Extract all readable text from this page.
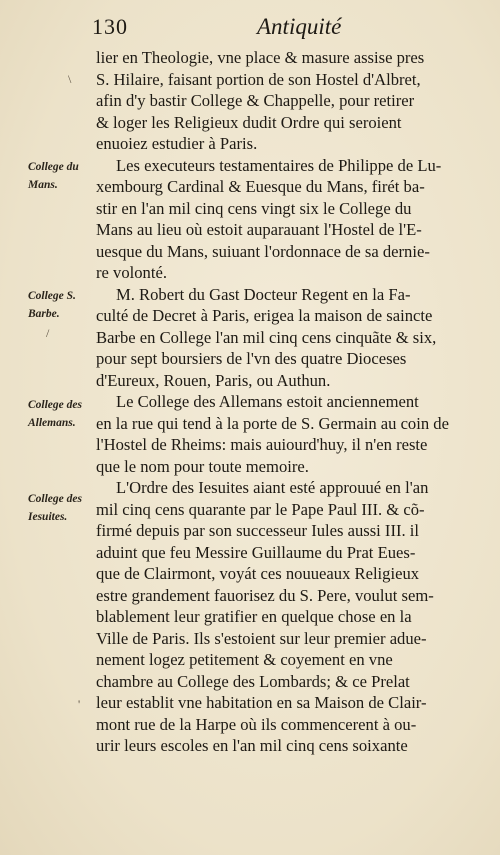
130	Antiquité
College du
Mans.
College S.
Barbe.
College des
Allemans.
College des
Iesuites.
\
/
'
lier en Theologie, vne place & masure assise pres
S. Hilaire, faisant portion de son Hostel d'Albret,
afin d'y bastir College & Chappelle, pour retirer
& loger les Religieux dudit Ordre qui seroient
enuoiez estudier à Paris.
Les executeurs testamentaires de Philippe de Lu-
xembourg Cardinal & Euesque du Mans, firét ba-
stir en l'an mil cinq cens vingt six le College du
Mans au lieu où estoit auparauant l'Hostel de l'E-
uesque du Mans, suiuant l'ordonnace de sa dernie-
re volonté.
M. Robert du Gast Docteur Regent en la Fa-
culté de Decret à Paris, erigea la maison de saincte
Barbe en College l'an mil cinq cens cinquãte & six,
pour sept boursiers de l'vn des quatre Dioceses
d'Eureux, Rouen, Paris, ou Authun.
Le College des Allemans estoit anciennement
en la rue qui tend à la porte de S. Germain au coin de
l'Hostel de Rheims: mais auiourd'huy, il n'en reste
que le nom pour toute memoire.
L'Ordre des Iesuites aiant esté approuué en l'an
mil cinq cens quarante par le Pape Paul III. & cõ-
firmé depuis par son successeur Iules aussi III. il
aduint que feu Messire Guillaume du Prat Eues-
que de Clairmont, voyát ces nouueaux Religieux
estre grandement fauorisez du S. Pere, voulut sem-
blablement leur gratifier en quelque chose en la
Ville de Paris. Ils s'estoient sur leur premier adue-
nement logez petitement & coyement en vne
chambre au College des Lombards; & ce Prelat
leur establit vne habitation en sa Maison de Clair-
mont rue de la Harpe où ils commencerent à ou-
urir leurs escoles en l'an mil cinq cens soixante
